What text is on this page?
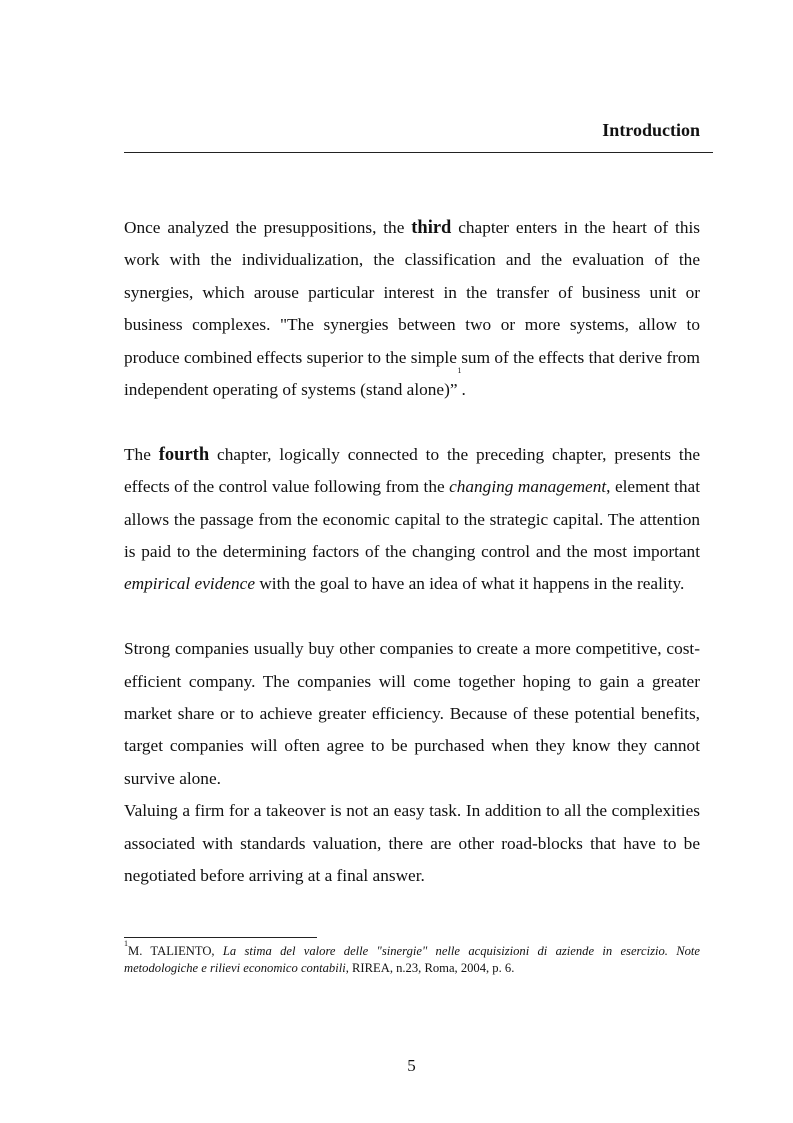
Introduction

Once analyzed the presuppositions, the third chapter enters in the heart of this work with the individualization, the classification and the evaluation of the synergies, which arouse particular interest in the transfer of business unit or business complexes. "The synergies between two or more systems, allow to produce combined effects superior to the simple sum of the effects that derive from independent operating of systems (stand alone)”$^1$.

The fourth chapter, logically connected to the preceding chapter, presents the effects of the control value following from the changing management, element that allows the passage from the economic capital to the strategic capital. The attention is paid to the determining factors of the changing control and the most important empirical evidence with the goal to have an idea of what it happens in the reality.

Strong companies usually buy other companies to create a more competitive, cost-efficient company. The companies will come together hoping to gain a greater market share or to achieve greater efficiency. Because of these potential benefits, target companies will often agree to be purchased when they know they cannot survive alone.

Valuing a firm for a takeover is not an easy task. In addition to all the complexities associated with standards valuation, there are other road-blocks that have to be negotiated before arriving at a final answer.

$^1$M. TALIENTO, La stima del valore delle "sinergie" nelle acquisizioni di aziende in esercizio. Note metodologiche e rilievi economico contabili, RIREA, n.23, Roma, 2004, p. 6.
5
